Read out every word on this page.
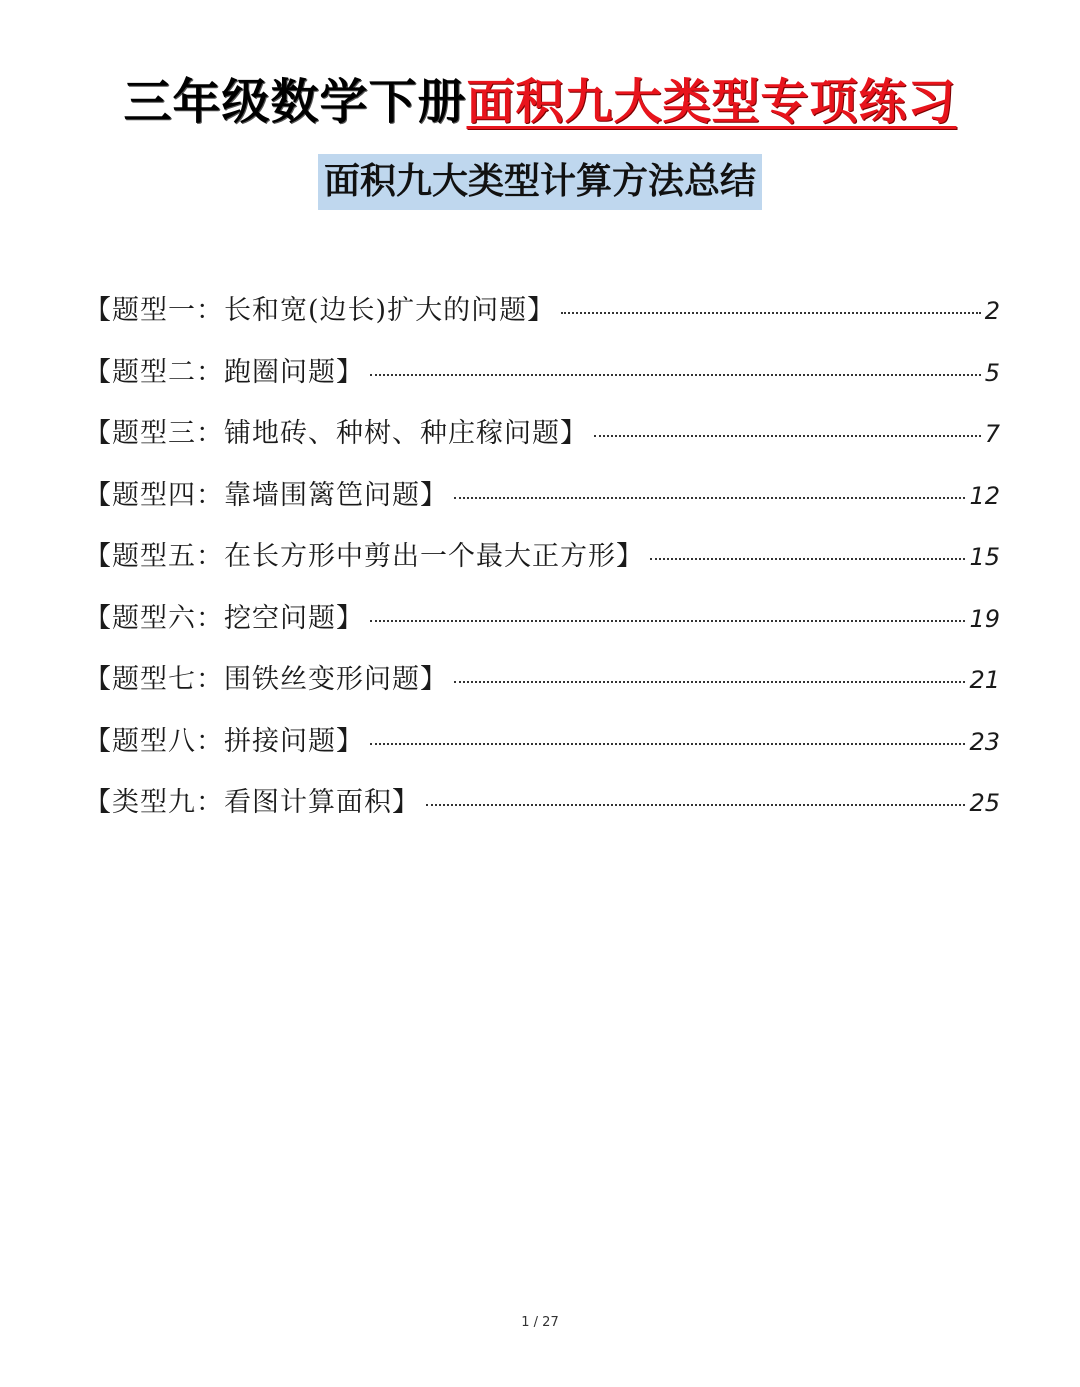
三年级数学下册面积九大类型专项练习
面积九大类型计算方法总结
【题型一：长和宽(边长)扩大的问题】	2
【题型二：跑圈问题】	5
【题型三：铺地砖、种树、种庄稼问题】	7
【题型四：靠墙围篱笆问题】	12
【题型五：在长方形中剪出一个最大正方形】	15
【题型六：挖空问题】	19
【题型七：围铁丝变形问题】	21
【题型八：拼接问题】	23
【类型九：看图计算面积】	25
1 / 27
